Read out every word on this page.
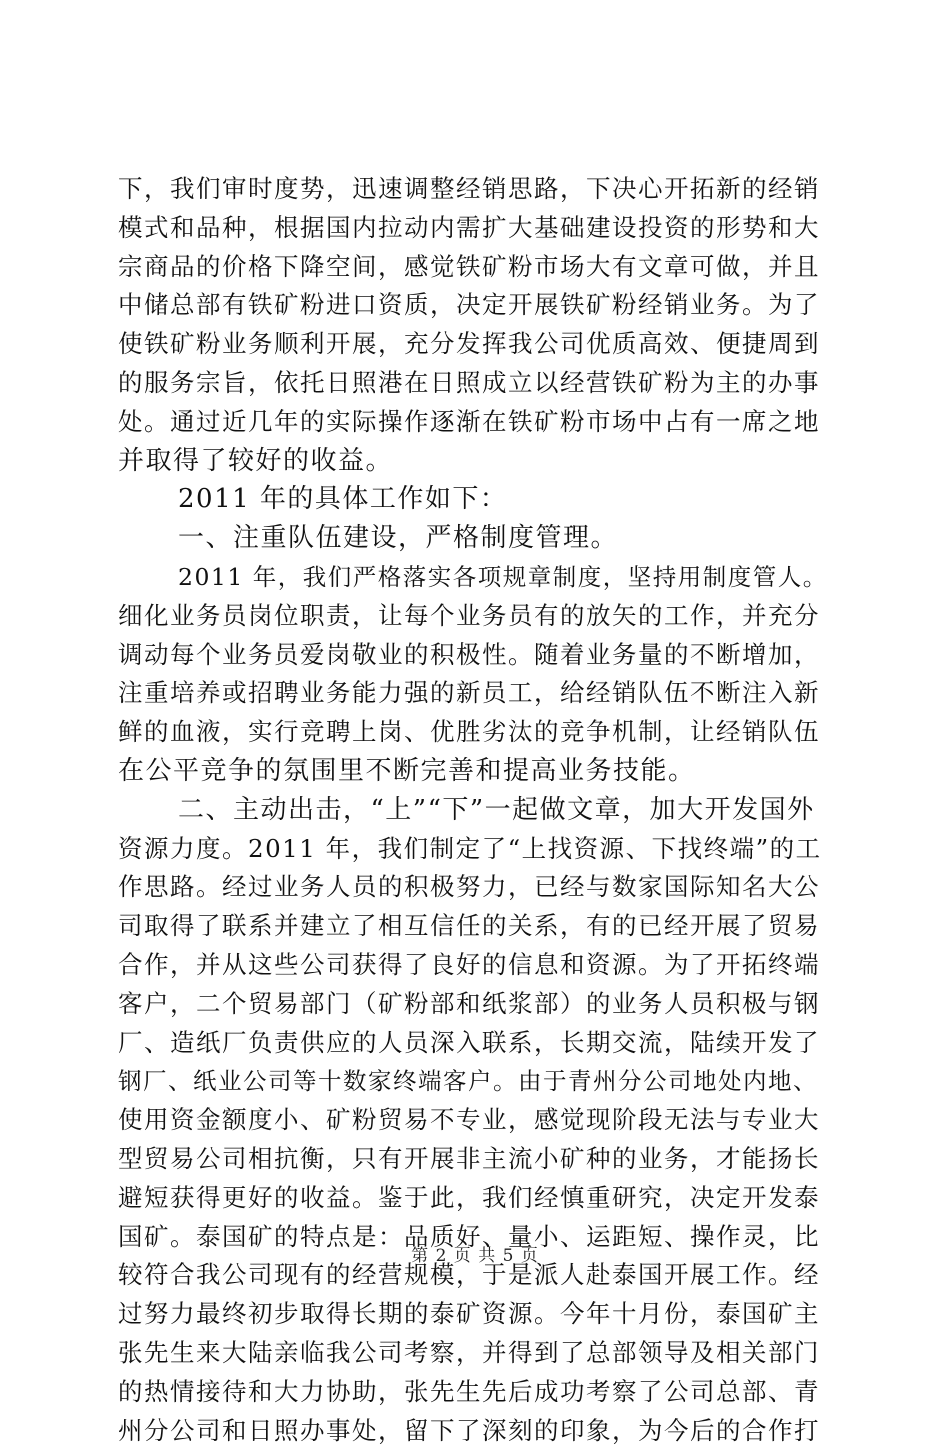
下，我们审时度势，迅速调整经销思路，下决心开拓新的经销
模式和品种，根据国内拉动内需扩大基础建设投资的形势和大
宗商品的价格下降空间，感觉铁矿粉市场大有文章可做，并且
中储总部有铁矿粉进口资质，决定开展铁矿粉经销业务。为了
使铁矿粉业务顺利开展，充分发挥我公司优质高效、便捷周到
的服务宗旨，依托日照港在日照成立以经营铁矿粉为主的办事
处。通过近几年的实际操作逐渐在铁矿粉市场中占有一席之地
并取得了较好的收益。
2011 年的具体工作如下：
一、注重队伍建设，严格制度管理。
2011 年，我们严格落实各项规章制度，坚持用制度管人。
细化业务员岗位职责，让每个业务员有的放矢的工作，并充分
调动每个业务员爱岗敬业的积极性。随着业务量的不断增加，
注重培养或招聘业务能力强的新员工，给经销队伍不断注入新
鲜的血液，实行竞聘上岗、优胜劣汰的竞争机制，让经销队伍
在公平竞争的氛围里不断完善和提高业务技能。
二、主动出击，“上”“下”一起做文章，加大开发国外
资源力度。2011 年，我们制定了“上找资源、下找终端”的工
作思路。经过业务人员的积极努力，已经与数家国际知名大公
司取得了联系并建立了相互信任的关系，有的已经开展了贸易
合作，并从这些公司获得了良好的信息和资源。为了开拓终端
客户，二个贸易部门（矿粉部和纸浆部）的业务人员积极与钢
厂、造纸厂负责供应的人员深入联系，长期交流，陆续开发了
钢厂、纸业公司等十数家终端客户。由于青州分公司地处内地、
使用资金额度小、矿粉贸易不专业，感觉现阶段无法与专业大
型贸易公司相抗衡，只有开展非主流小矿种的业务，才能扬长
避短获得更好的收益。鉴于此，我们经慎重研究，决定开发泰
国矿。泰国矿的特点是：品质好、量小、运距短、操作灵，比
较符合我公司现有的经营规模，于是派人赴泰国开展工作。经
过努力最终初步取得长期的泰矿资源。今年十月份，泰国矿主
张先生来大陆亲临我公司考察，并得到了总部领导及相关部门
的热情接待和大力协助，张先生先后成功考察了公司总部、青
州分公司和日照办事处，留下了深刻的印象，为今后的合作打
第 2 页 共 5 页
